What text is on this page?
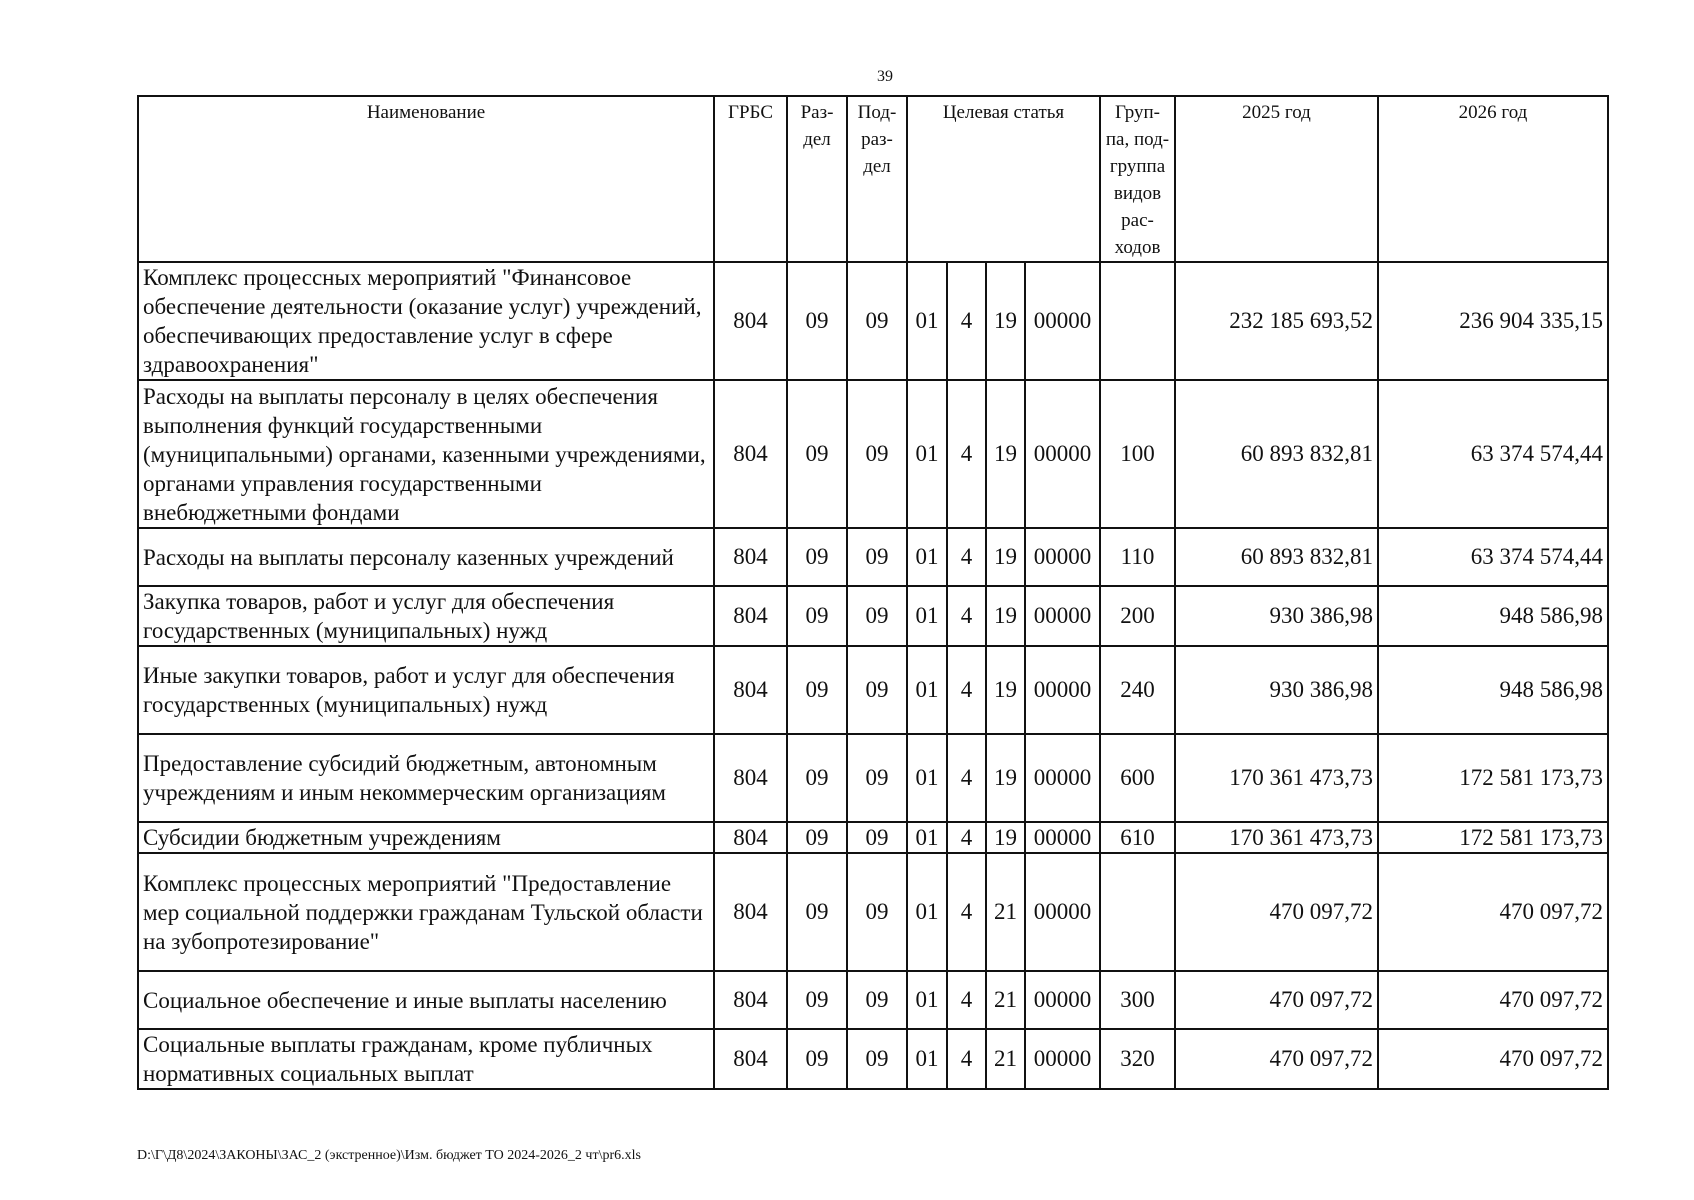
39
Наименование	ГРБС	Раз- дел	Под- раз- дел	Целевая статья				Груп- па, под- группа видов рас- ходов	2025 год	2026 год
Комплекс процессных мероприятий "Финансовое обеспечение деятельности (оказание услуг) учреждений, обеспечивающих предоставление услуг в сфере здравоохранения"	804	09	09	01	4	19	00000		232 185 693,52	236 904 335,15
Расходы на выплаты персоналу в целях обеспечения выполнения функций государственными (муниципальными) органами, казенными учреждениями, органами управления государственными внебюджетными фондами	804	09	09	01	4	19	00000	100	60 893 832,81	63 374 574,44
Расходы на выплаты персоналу казенных учреждений	804	09	09	01	4	19	00000	110	60 893 832,81	63 374 574,44
Закупка товаров, работ и услуг для обеспечения государственных (муниципальных) нужд	804	09	09	01	4	19	00000	200	930 386,98	948 586,98
Иные закупки товаров, работ и услуг для обеспечения государственных (муниципальных) нужд	804	09	09	01	4	19	00000	240	930 386,98	948 586,98
Предоставление субсидий бюджетным, автономным учреждениям и иным некоммерческим организациям	804	09	09	01	4	19	00000	600	170 361 473,73	172 581 173,73
Субсидии бюджетным учреждениям	804	09	09	01	4	19	00000	610	170 361 473,73	172 581 173,73
Комплекс процессных мероприятий "Предоставление мер социальной поддержки гражданам Тульской области на зубопротезирование"	804	09	09	01	4	21	00000		470 097,72	470 097,72
Социальное обеспечение и иные выплаты населению	804	09	09	01	4	21	00000	300	470 097,72	470 097,72
Социальные выплаты гражданам, кроме публичных нормативных социальных выплат	804	09	09	01	4	21	00000	320	470 097,72	470 097,72
D:\Г\Д8\2024\ЗАКОНЫ\ЗАС_2 (экстренное)\Изм. бюджет ТО 2024-2026_2 чт\pr6.xls
